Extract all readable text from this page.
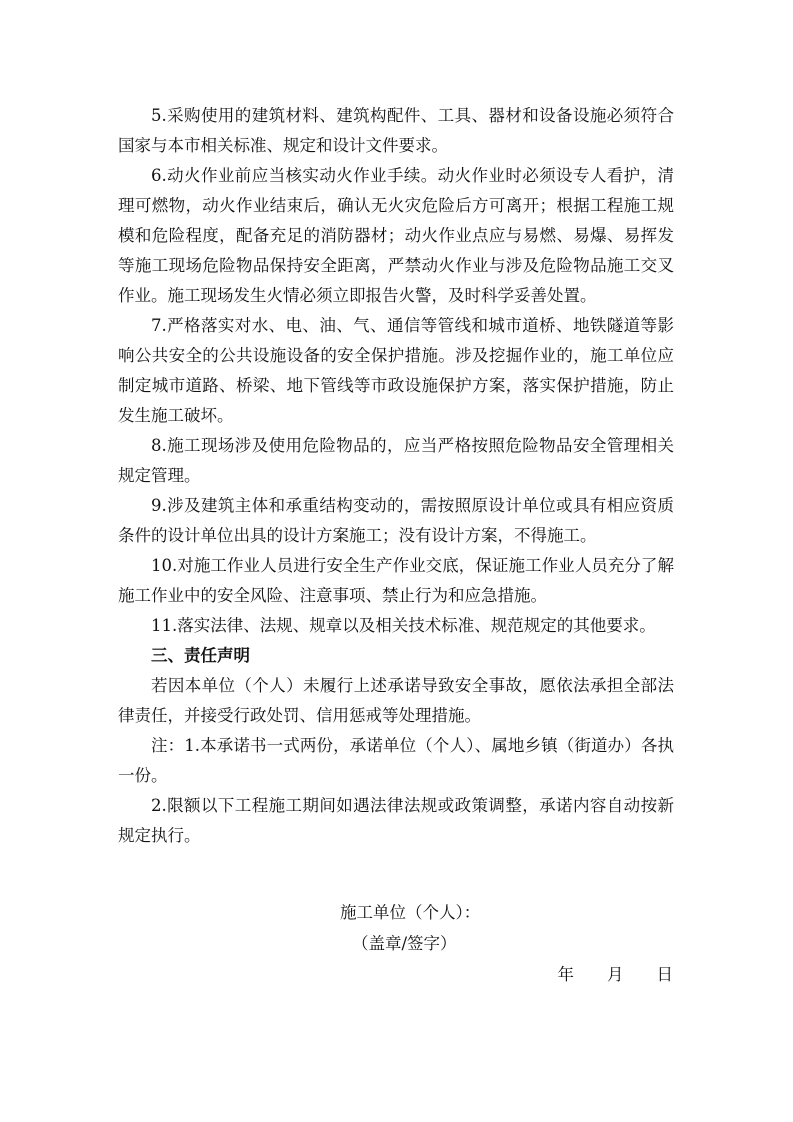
5.采购使用的建筑材料、建筑构配件、工具、器材和设备设施必须符合国家与本市相关标准、规定和设计文件要求。

6.动火作业前应当核实动火作业手续。动火作业时必须设专人看护，清理可燃物，动火作业结束后，确认无火灾危险后方可离开；根据工程施工规模和危险程度，配备充足的消防器材；动火作业点应与易燃、易爆、易挥发等施工现场危险物品保持安全距离，严禁动火作业与涉及危险物品施工交叉作业。施工现场发生火情必须立即报告火警，及时科学妥善处置。

7.严格落实对水、电、油、气、通信等管线和城市道桥、地铁隧道等影响公共安全的公共设施设备的安全保护措施。涉及挖掘作业的，施工单位应制定城市道路、桥梁、地下管线等市政设施保护方案，落实保护措施，防止发生施工破坏。

8.施工现场涉及使用危险物品的，应当严格按照危险物品安全管理相关规定管理。

9.涉及建筑主体和承重结构变动的，需按照原设计单位或具有相应资质条件的设计单位出具的设计方案施工；没有设计方案，不得施工。

10.对施工作业人员进行安全生产作业交底，保证施工作业人员充分了解施工作业中的安全风险、注意事项、禁止行为和应急措施。

11.落实法律、法规、规章以及相关技术标准、规范规定的其他要求。

三、责任声明

若因本单位（个人）未履行上述承诺导致安全事故，愿依法承担全部法律责任，并接受行政处罚、信用惩戒等处理措施。

注：1.本承诺书一式两份，承诺单位（个人）、属地乡镇（街道办）各执一份。

2.限额以下工程施工期间如遇法律法规或政策调整，承诺内容自动按新规定执行。

施工单位（个人）：
（盖章/签字）
年　　月　　日
